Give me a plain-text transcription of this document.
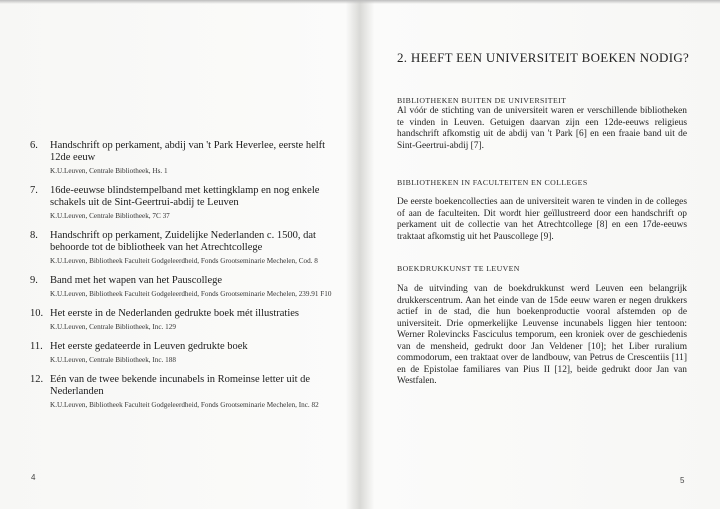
6.	Handschrift op perkament, abdij van 't Park Heverlee, eerste helft 12de eeuw
K.U.Leuven, Centrale Bibliotheek, Hs. 1
7.	16de-eeuwse blindstempelband met kettingklamp en nog enkele schakels uit de Sint-Geertrui-abdij te Leuven
K.U.Leuven, Centrale Bibliotheek, 7C 37
8.	Handschrift op perkament, Zuidelijke Nederlanden c. 1500, dat behoorde tot de bibliotheek van het Atrechtcollege
K.U.Leuven, Bibliotheek Faculteit Godgeleerdheid, Fonds Grootseminarie Mechelen, Cod. 8
9.	Band met het wapen van het Pauscollege
K.U.Leuven, Bibliotheek Faculteit Godgeleerdheid, Fonds Grootseminarie Mechelen, 239.91 F10
10. Het eerste in de Nederlanden gedrukte boek mét illustraties
K.U.Leuven, Centrale Bibliotheek, Inc. 129
11. Het eerste gedateerde in Leuven gedrukte boek
K.U.Leuven, Centrale Bibliotheek, Inc. 188
12. Eén van de twee bekende incunabels in Romeinse letter uit de Nederlanden
K.U.Leuven, Bibliotheek Faculteit Godgeleerdheid, Fonds Grootseminarie Mechelen, Inc. 82
4
2. HEEFT EEN UNIVERSITEIT BOEKEN NODIG?
BIBLIOTHEKEN BUITEN DE UNIVERSITEIT
Al vóór de stichting van de universiteit waren er verschillende bibliotheken te vinden in Leuven. Getuigen daarvan zijn een 12de-eeuws religieus handschrift afkomstig uit de abdij van 't Park [6] en een fraaie band uit de Sint-Geertrui-abdij [7].
BIBLIOTHEKEN IN FACULTEITEN EN COLLEGES
De eerste boekencollecties aan de universiteit waren te vinden in de colleges of aan de faculteiten. Dit wordt hier geïllustreerd door een handschrift op perkament uit de collectie van het Atrechtcollege [8] en een 17de-eeuws traktaat afkomstig uit het Pauscollege [9].
BOEKDRUKKUNST TE LEUVEN
Na de uitvinding van de boekdrukkunst werd Leuven een belangrijk drukkerscentrum. Aan het einde van de 15de eeuw waren er negen drukkers actief in de stad, die hun boekenproductie vooral afstemden op de universiteit. Drie opmerkelijke Leuvense incunabels liggen hier tentoon: Werner Rolevincks Fasciculus temporum, een kroniek over de geschiedenis van de mensheid, gedrukt door Jan Veldener [10]; het Liber ruralium commodorum, een traktaat over de landbouw, van Petrus de Crescentiis [11] en de Epistolae familiares van Pius II [12], beide gedrukt door Jan van Westfalen.
5
